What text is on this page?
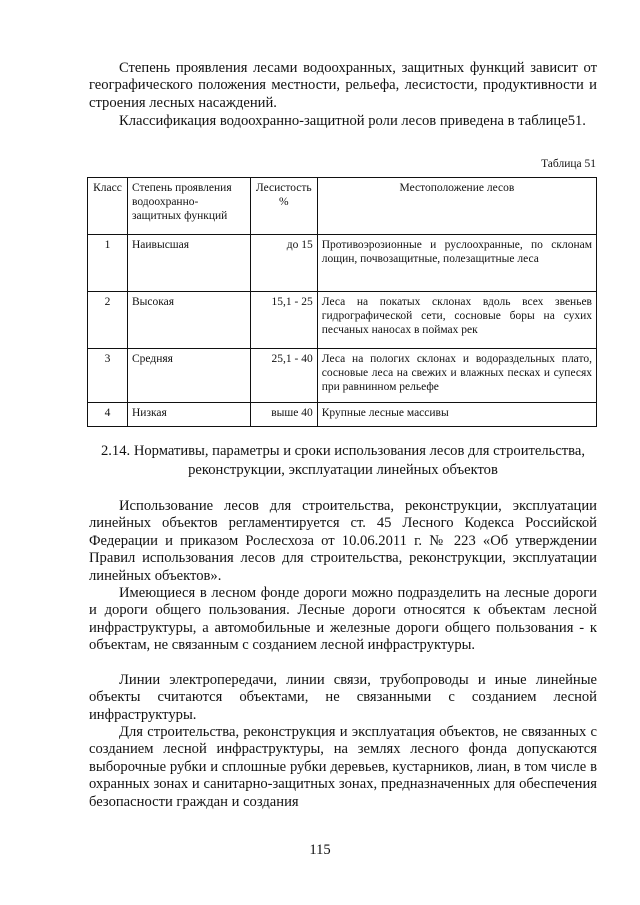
Степень проявления лесами водоохранных, защитных функций зависит от географического положения местности, рельефа, лесистости, продуктивности и строения лесных насаждений.

Классификация водоохранно-защитной роли лесов приведена в таблице51.

Таблица 51
Класс	Степень проявления водоохранно-защитных функций	Лесистость %	Местоположение лесов
1	Наивысшая	до 15	Противоэрозионные и руслоохранные, по склонам лощин, почвозащитные, полезащитные леса
2	Высокая	15,1 - 25	Леса на покатых склонах вдоль всех звеньев гидрографической сети, сосновые боры на сухих песчаных наносах в поймах рек
3	Средняя	25,1 - 40	Леса на пологих склонах и водораздельных плато, сосновые леса на свежих и влажных песках и супесях при равнинном рельефе
4	Низкая	выше 40	Крупные лесные массивы

2.14. Нормативы, параметры и сроки использования лесов для строительства, реконструкции, эксплуатации линейных объектов

Использование лесов для строительства, реконструкции, эксплуатации линейных объектов регламентируется ст. 45 Лесного Кодекса Российской Федерации и приказом Рослесхоза от 10.06.2011 г. № 223 «Об утверждении Правил использования лесов для строительства, реконструкции, эксплуатации линейных объектов».

Имеющиеся в лесном фонде дороги можно подразделить на лесные дороги и дороги общего пользования. Лесные дороги относятся к объектам лесной инфраструктуры, а автомобильные и железные дороги общего пользования - к объектам, не связанным с созданием лесной инфраструктуры.

Линии электропередачи, линии связи, трубопроводы и иные линейные объекты считаются объектами, не связанными с созданием лесной инфраструктуры.

Для строительства, реконструкция и эксплуатация объектов, не связанных с созданием лесной инфраструктуры, на землях лесного фонда допускаются выборочные рубки и сплошные рубки деревьев, кустарников, лиан, в том числе в охранных зонах и санитарно-защитных зонах, предназначенных для обеспечения безопасности граждан и создания

115
